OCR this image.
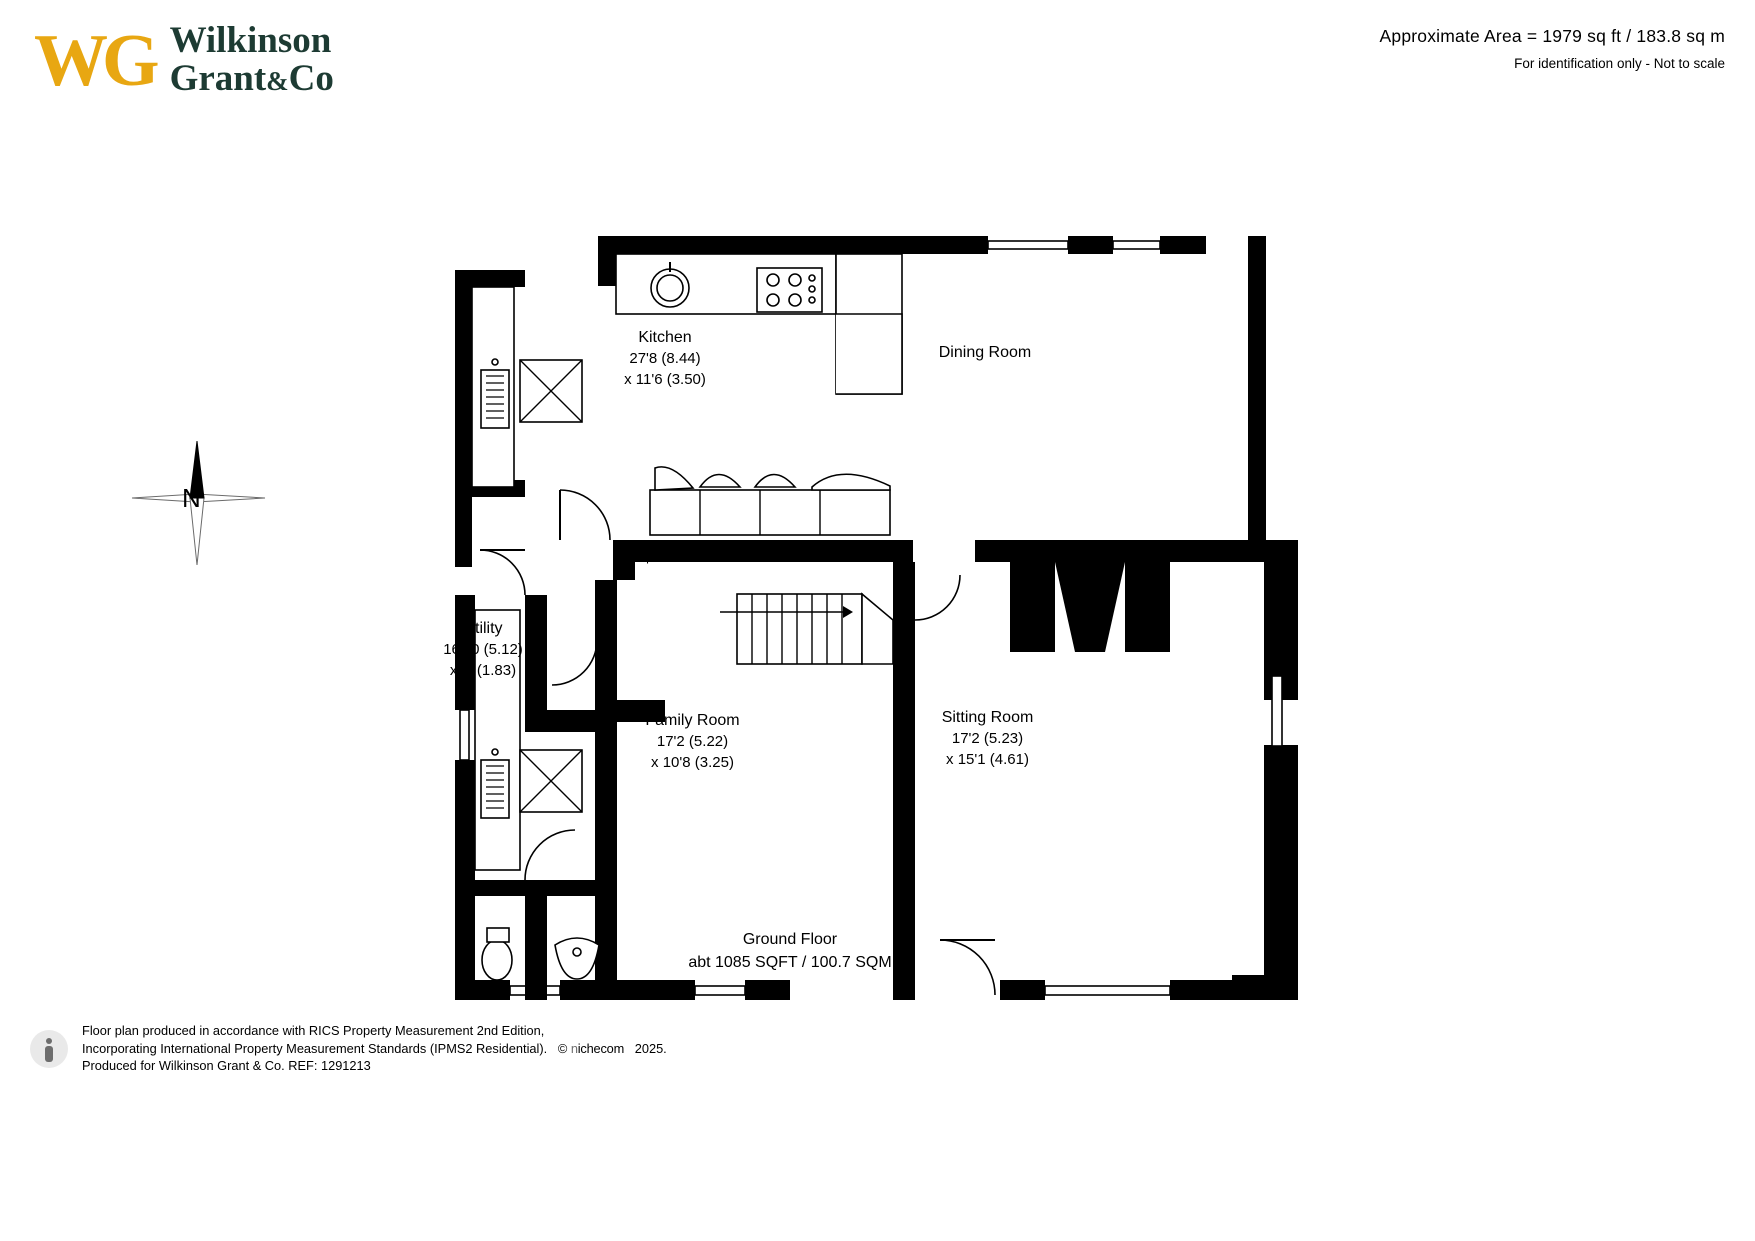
WG Wilkinson
Grant&Co
Approximate Area = 1979 sq ft / 183.8 sq m
For identification only - Not to scale
N
Kitchen
27'8 (8.44)
x 11'6 (3.50)
Dining Room
Utility
16'10 (5.12)
x 6' (1.83)
Family Room
17'2 (5.22)
x 10'8 (3.25)
Sitting Room
17'2 (5.23)
x 15'1 (4.61)
Up
Ground Floor
abt 1085 SQFT / 100.7 SQM
Floor plan produced in accordance with RICS Property Measurement 2nd Edition,
Incorporating International Property Measurement Standards (IPMS2 Residential). © nichecom 2025.
Produced for Wilkinson Grant & Co. REF: 1291213
